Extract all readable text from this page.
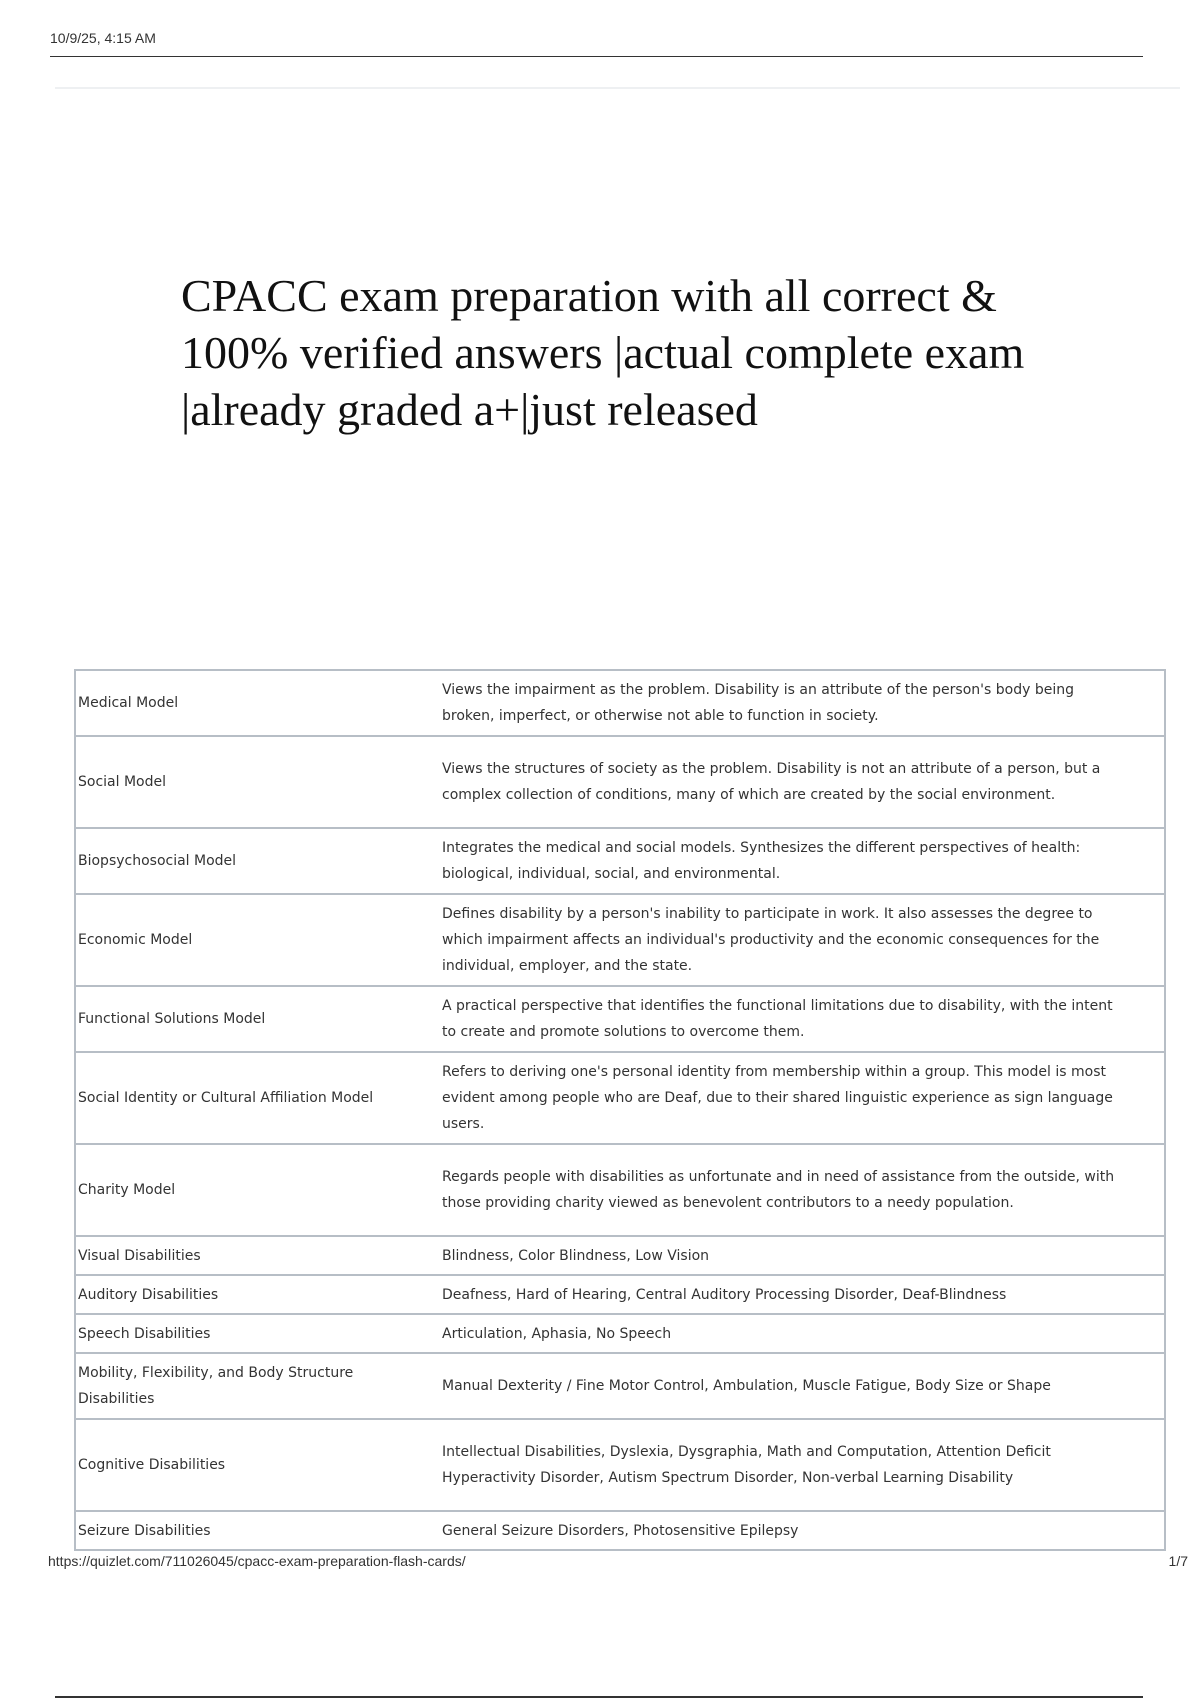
10/9/25, 4:15 AM
CPACC exam preparation with all correct & 100% verified answers |actual complete exam |already graded a+|just released
Medical Model	Views the impairment as the problem. Disability is an attribute of the person's body being broken, imperfect, or otherwise not able to function in society.
Social Model	Views the structures of society as the problem. Disability is not an attribute of a person, but a complex collection of conditions, many of which are created by the social environment.
Biopsychosocial Model	Integrates the medical and social models. Synthesizes the different perspectives of health: biological, individual, social, and environmental.
Economic Model	Defines disability by a person's inability to participate in work. It also assesses the degree to which impairment affects an individual's productivity and the economic consequences for the individual, employer, and the state.
Functional Solutions Model	A practical perspective that identifies the functional limitations due to disability, with the intent to create and promote solutions to overcome them.
Social Identity or Cultural Affiliation Model	Refers to deriving one's personal identity from membership within a group. This model is most evident among people who are Deaf, due to their shared linguistic experience as sign language users.
Charity Model	Regards people with disabilities as unfortunate and in need of assistance from the outside, with those providing charity viewed as benevolent contributors to a needy population.
Visual Disabilities	Blindness, Color Blindness, Low Vision
Auditory Disabilities	Deafness, Hard of Hearing, Central Auditory Processing Disorder, Deaf-Blindness
Speech Disabilities	Articulation, Aphasia, No Speech
Mobility, Flexibility, and Body Structure Disabilities	Manual Dexterity / Fine Motor Control, Ambulation, Muscle Fatigue, Body Size or Shape
Cognitive Disabilities	Intellectual Disabilities, Dyslexia, Dysgraphia, Math and Computation, Attention Deficit Hyperactivity Disorder, Autism Spectrum Disorder, Non-verbal Learning Disability
Seizure Disabilities	General Seizure Disorders, Photosensitive Epilepsy
https://quizlet.com/711026045/cpacc-exam-preparation-flash-cards/	1/7
